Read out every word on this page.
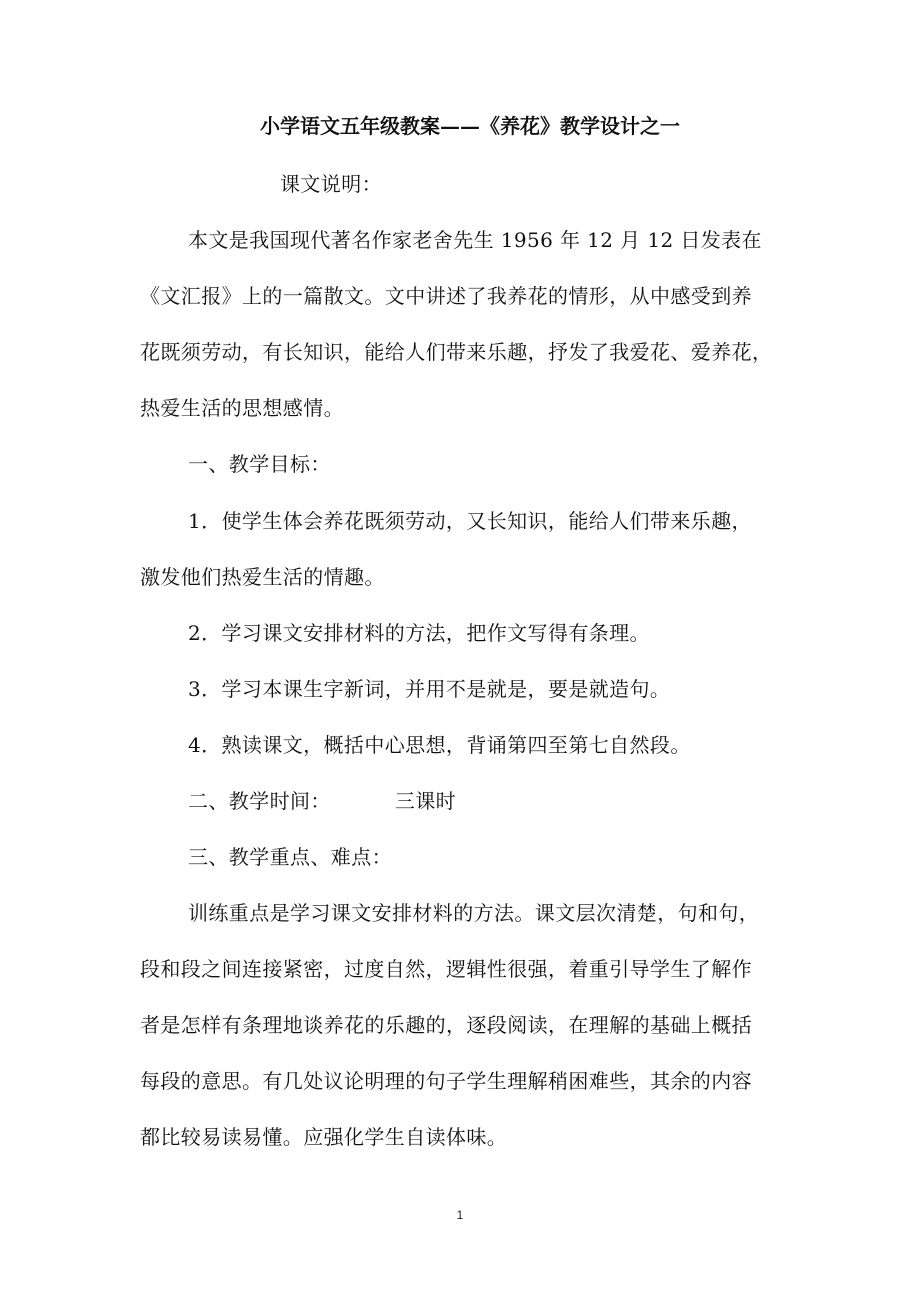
小学语文五年级教案——《养花》教学设计之一
课文说明：
本文是我国现代著名作家老舍先生 1956 年 12 月 12 日发表在
《文汇报》上的一篇散文。文中讲述了我养花的情形，从中感受到养
花既须劳动，有长知识，能给人们带来乐趣，抒发了我爱花、爱养花，
热爱生活的思想感情。
一、教学目标：
1．使学生体会养花既须劳动，又长知识，能给人们带来乐趣，
激发他们热爱生活的情趣。
2．学习课文安排材料的方法，把作文写得有条理。
3．学习本课生字新词，并用不是就是，要是就造句。
4．熟读课文，概括中心思想，背诵第四至第七自然段。
二、教学时间：	三课时
三、教学重点、难点：
训练重点是学习课文安排材料的方法。课文层次清楚，句和句，
段和段之间连接紧密，过度自然，逻辑性很强，着重引导学生了解作
者是怎样有条理地谈养花的乐趣的，逐段阅读，在理解的基础上概括
每段的意思。有几处议论明理的句子学生理解稍困难些，其余的内容
都比较易读易懂。应强化学生自读体味。
1
